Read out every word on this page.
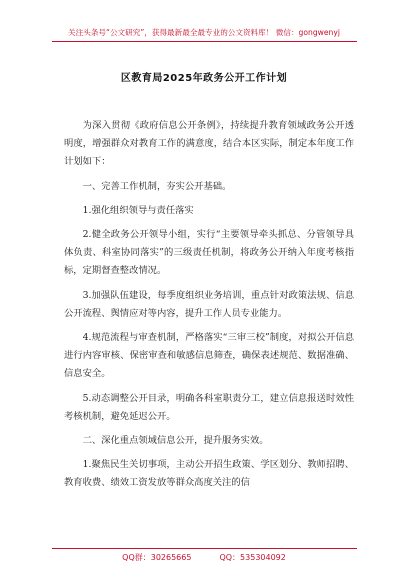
关注头条号“公文研究”，获得最新最全最专业的公文资料库！ 微信：gongwenyj
区教育局2025年政务公开工作计划

为深入贯彻《政府信息公开条例》，持续提升教育领域政务公开透明度，增强群众对教育工作的满意度，结合本区实际，制定本年度工作计划如下：

一、完善工作机制，夯实公开基础。

1.强化组织领导与责任落实

2.健全政务公开领导小组，实行“主要领导牵头抓总、分管领导具体负责、科室协同落实”的三级责任机制，将政务公开纳入年度考核指标，定期督查整改情况。

3.加强队伍建设，每季度组织业务培训，重点针对政策法规、信息公开流程、舆情应对等内容，提升工作人员专业能力。

4.规范流程与审查机制，严格落实“三审三校”制度，对拟公开信息进行内容审核、保密审查和敏感信息筛查，确保表述规范、数据准确、信息安全。

5.动态调整公开目录，明确各科室职责分工，建立信息报送时效性考核机制，避免延迟公开。

二、深化重点领域信息公开，提升服务实效。

1.聚焦民生关切事项，主动公开招生政策、学区划分、教师招聘、教育收费、绩效工资发放等群众高度关注的信

QQ群：30265665	QQ：535304092
